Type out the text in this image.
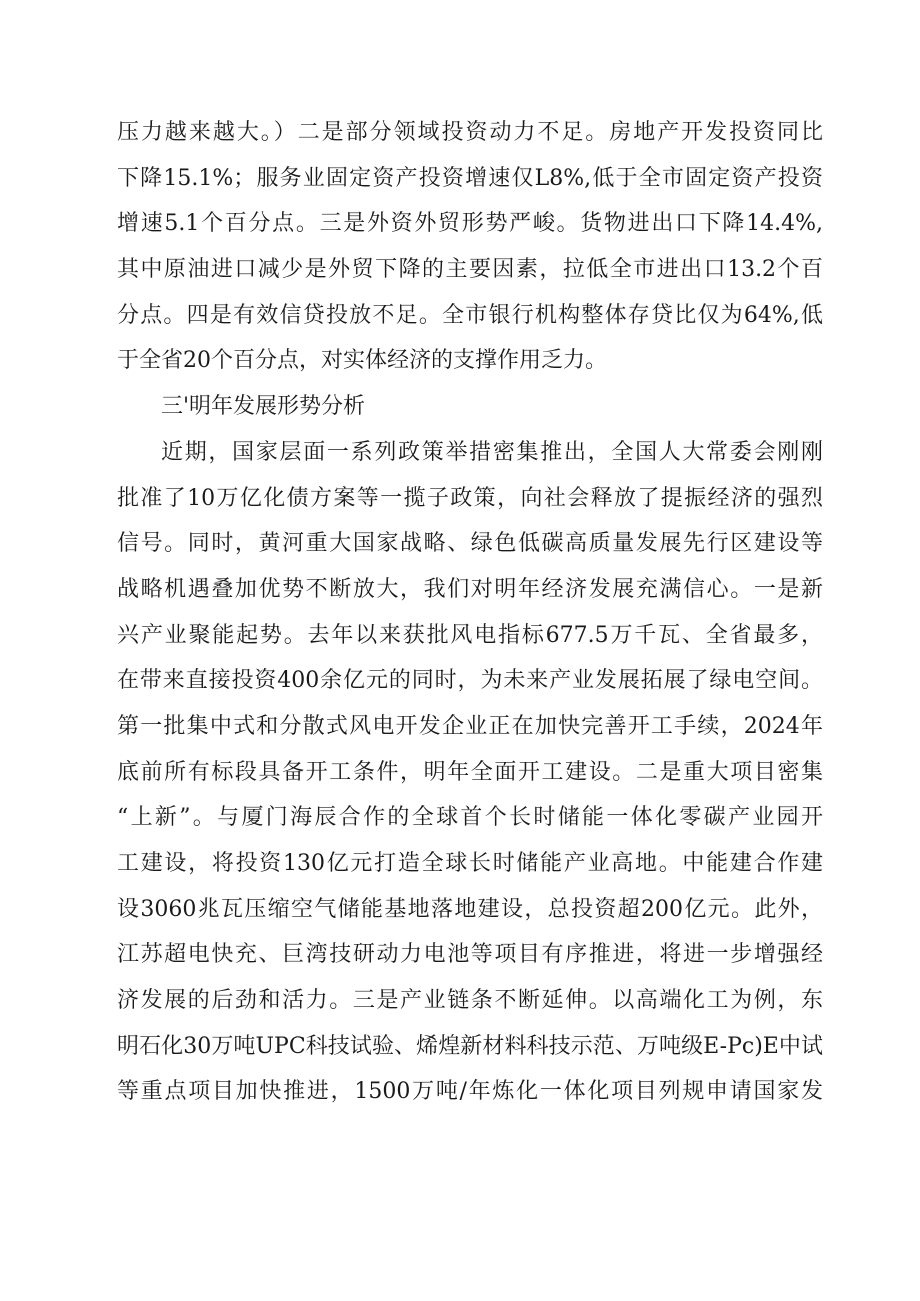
压力越来越大。）二是部分领域投资动力不足。房地产开发投资同比
下降15.1%；服务业固定资产投资增速仅L8%,低于全市固定资产投资
增速5.1个百分点。三是外资外贸形势严峻。货物进出口下降14.4%,
其中原油进口减少是外贸下降的主要因素，拉低全市进出口13.2个百
分点。四是有效信贷投放不足。全市银行机构整体存贷比仅为64%,低
于全省20个百分点，对实体经济的支撑作用乏力。
三'明年发展形势分析
近期，国家层面一系列政策举措密集推出，全国人大常委会刚刚
批准了10万亿化债方案等一揽子政策，向社会释放了提振经济的强烈
信号。同时，黄河重大国家战略、绿色低碳高质量发展先行区建设等
战略机遇叠加优势不断放大，我们对明年经济发展充满信心。一是新
兴产业聚能起势。去年以来获批风电指标677.5万千瓦、全省最多，
在带来直接投资400余亿元的同时，为未来产业发展拓展了绿电空间。
第一批集中式和分散式风电开发企业正在加快完善开工手续，2024年
底前所有标段具备开工条件，明年全面开工建设。二是重大项目密集
“上新”。与厦门海辰合作的全球首个长时储能一体化零碳产业园开
工建设，将投资130亿元打造全球长时储能产业高地。中能建合作建
设3060兆瓦压缩空气储能基地落地建设，总投资超200亿元。此外，
江苏超电快充、巨湾技研动力电池等项目有序推进，将进一步增强经
济发展的后劲和活力。三是产业链条不断延伸。以高端化工为例，东
明石化30万吨UPC科技试验、烯煌新材料科技示范、万吨级E-Pc)E中试
等重点项目加快推进，1500万吨/年炼化一体化项目列规申请国家发
